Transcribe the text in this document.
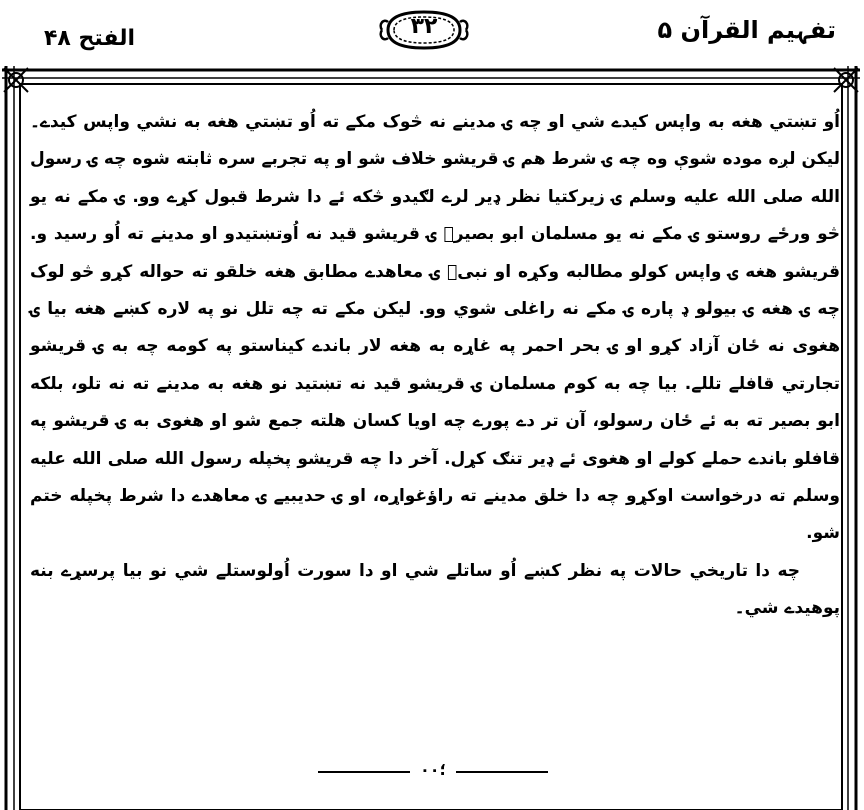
الفتح ۴۸	۳۲	تفہیم القرآن ۵

اُو تښتي هغه به واپس کیدے شي او چه ۍ مدینے نه څوک مکے ته اُو تښتي هغه به نشي واپس کیدے۔ لیکن لږه موده شوې وه چه ۍ شرط هم ۍ قریشو خلاف شو او په تجربے سره ثابته شوه چه ۍ رسول الله صلی الله علیه وسلم ۍ زیرکتیا نظر ډیر لرے لګیدو څکه ئے دا شرط قبول کړے وو. ۍ مکے نه یو څو ورځے روستو ۍ مکے نه یو مسلمان ابو بصیرؓ ۍ قریشو قید نه اُوتښتیدو او مدینے ته اُو رسید و. قریشو هغه ۍ واپس کولو مطالبه وکړه او نبیؐ ۍ معاهدے مطابق هغه خلقو ته حواله کړو څو لوک چه ۍ هغه ۍ بیولو ډ پاره ۍ مکے نه راغلی شوي وو. لیکن مکے ته چه تلل نو په لاره کښے هغه بیا ۍ هغوی نه ځان آزاد کړو او ۍ بحر احمر په غاړه به هغه لار باندے کیناستو په کومه چه به ۍ قریشو تجارتي قافلے تللے. بیا چه به کوم مسلمان ۍ قریشو قید نه تښتید نو هغه به مدینے ته نه تلو، بلکه ابو بصیر ته به ئے ځان رسولو، آن تر دے پورے چه اویا کسان هلته جمع شو او هغوی به ۍ قریشو په قافلو باندے حملے کولے او هغوی ئے ډیر تنګ کړل. آخر دا چه قریشو پخپله رسول الله صلی الله علیه وسلم ته درخواست اوکړو چه دا خلق مدینے ته راؤغواړه، او ۍ حدیبیے ۍ معاهدے دا شرط پخپله ختم شو.

چه دا تاریخي حالات په نظر کښے اُو ساتلے شي او دا سورت اُولوستلے شي نو بیا پرسړے بنه پوهیدے شي۔

۰؛۰
